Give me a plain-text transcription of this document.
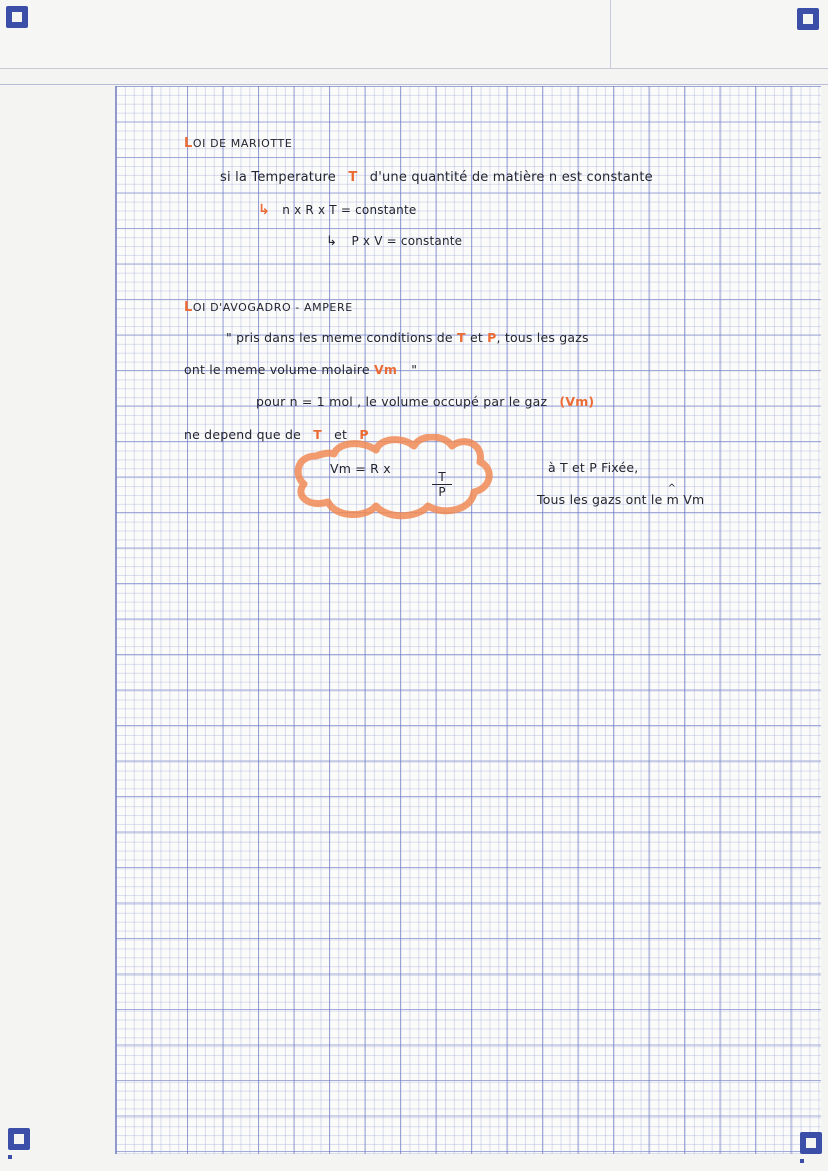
LOI DE MARIOTTE
si la Temperature T d'une quantité de matière n est constante
↳ n x R x T = constante
↳ P x V = constante
LOI D'AVOGADRO - AMPERE
" pris dans les meme conditions de T et P, tous les gazs
ont le meme volume molaire Vm "
pour n = 1 mol , le volume occupé par le gaz (Vm)
ne depend que de T et P
Vm = R x
$\frac{T}{P}$
à T et P Fixée,
Tous les gazs ont le ^ m Vm
